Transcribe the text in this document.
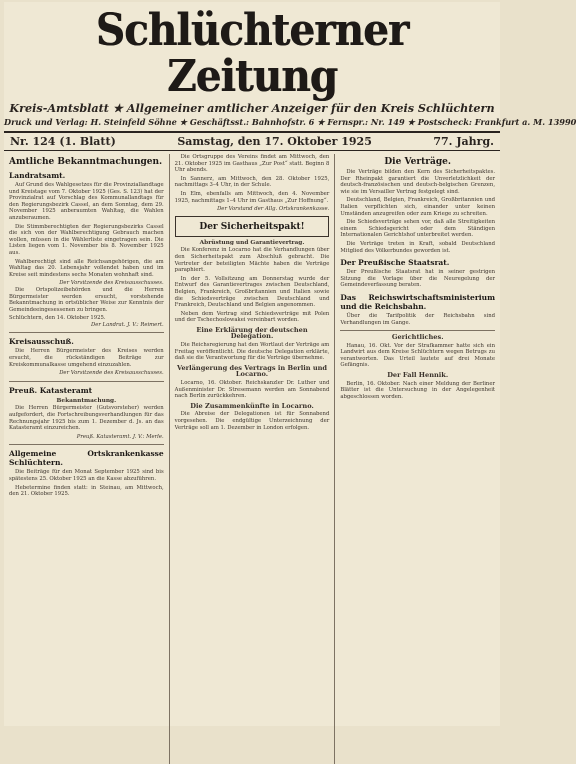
Schlüchterner Zeitung
Kreis-Amtsblatt ★ Allgemeiner amtlicher Anzeiger für den Kreis Schlüchtern
Druck und Verlag: H. Steinfeld Söhne ★ Geschäftsst.: Bahnhofstr. 6 ★ Fernspr.: Nr. 149 ★ Postscheck: Frankfurt a. M. 13990
Nr. 124 (1. Blatt)	Samstag, den 17. Oktober 1925	77. Jahrg.
Amtliche Bekanntmachungen.
Landratsamt.

Auf Grund des Wahlgesetzes für die Provinziallandtage und Kreistage vom 7. Oktober 1925 (Ges. S. 123) hat der Provinzialrat auf Vorschlag des Kommunallandtags für den Regierungsbezirk Cassel, an dem Sonntag, dem 29. November 1925 anberaumten Wahltag, die Wahlen anzuberaumen.

Die Stimmberechtigten der Regierungsbezirks Cassel die sich von der Wahlberechtigung Gebrauch machen wollen, müssen in die Wählerliste eingetragen sein. Die Listen liegen vom 1. November bis 8. November 1925 aus.

Wahlberechtigt sind alle Reichsangehörigen, die am Wahltag das 20. Lebensjahr vollendet haben und im Kreise seit mindestens sechs Monaten wohnhaft sind.

Der Vorsitzende des Kreisausschusses.

Die Ortspolizeibehörden und die Herren Bürgermeister werden ersucht, vorstehende Bekanntmachung in ortsüblicher Weise zur Kenntnis der Gemeindeeingesessenen zu bringen.

Schlüchtern, den 14. Oktober 1925.
Der Landrat. J. V.: Reimert.
Kreisausschuß.

Die Herren Bürgermeister des Kreises werden ersucht, die rückständigen Beiträge zur Kreiskommunalkasse umgehend einzuzahlen.

Der Vorsitzende des Kreisausschusses.
Preuß. Katasteramt
Bekanntmachung.

Die Herren Bürgermeister (Gutsvorsteher) werden aufgefordert, die Fortschreibungsverhandlungen für das Rechnungsjahr 1925 bis zum 1. Dezember d. Js. an das Katasteramt einzureichen.

Preuß. Katasteramt. J. V.: Merle.
Allgemeine Ortskrankenkasse Schlüchtern.

Die Beiträge für den Monat September 1925 sind bis spätestens 25. Oktober 1925 an die Kasse abzuführen.

Hebetermine finden statt: in Steinau, am Mittwoch, den 21. Oktober 1925.

Die Ortsgruppe des Vereins findet am Mittwoch, den 21. Oktober 1925 im Gasthaus „Zur Post“ statt. Beginn 8 Uhr abends.

In Sannerz, am Mittwoch, den 28. Oktober 1925, nachmittags 3–4 Uhr, in der Schule.

In Elm, ebenfalls am Mittwoch, den 4. November 1925, nachmittags 1–4 Uhr im Gasthaus „Zur Hoffnung“.

Der Vorstand der Allg. Ortskrankenkasse.
Der Sicherheitspakt!
Abrüstung und Garantievertrag.

Die Konferenz in Locarno hat die Verhandlungen über den Sicherheitspakt zum Abschluß gebracht. Die Vertreter der beteiligten Mächte haben die Verträge paraphiert.

In der 5. Vollsitzung am Donnerstag wurde der Entwurf des Garantievertrages zwischen Deutschland, Belgien, Frankreich, Großbritannien und Italien sowie die Schiedsverträge zwischen Deutschland und Frankreich, Deutschland und Belgien angenommen.

Neben dem Vertrag sind Schiedsverträge mit Polen und der Tschechoslowakei vereinbart worden.

Eine Erklärung der deutschen Delegation.

Die Reichsregierung hat den Wortlaut der Verträge am Freitag veröffentlicht. Die deutsche Delegation erklärte, daß sie die Verantwortung für die Verträge übernehme.

Verlängerung des Vertrags in Berlin und Locarno.

Locarno, 16. Oktober. Reichskanzler Dr. Luther und Außenminister Dr. Stresemann werden am Sonnabend nach Berlin zurückkehren.

Die Zusammenkünfte in Locarno.

Die Abreise der Delegationen ist für Sonnabend vorgesehen. Die endgültige Unterzeichnung der Verträge soll am 1. Dezember in London erfolgen.

Die Verträge.

Die Verträge bilden den Kern des Sicherheitspaktes. Der Rheinpakt garantiert die Unverletzlichkeit der deutsch-französischen und deutsch-belgischen Grenzen, wie sie im Versailler Vertrag festgelegt sind.

Deutschland, Belgien, Frankreich, Großbritannien und Italien verpflichten sich, einander unter keinen Umständen anzugreifen oder zum Kriege zu schreiten.

Die Schiedsverträge sehen vor, daß alle Streitigkeiten einem Schiedsgericht oder dem Ständigen Internationalen Gerichtshof unterbreitet werden.

Die Verträge treten in Kraft, sobald Deutschland Mitglied des Völkerbundes geworden ist.

Der Preußische Staatsrat.

Der Preußische Staatsrat hat in seiner gestrigen Sitzung die Vorlage über die Neuregelung der Gemeindeverfassung beraten.

Das Reichswirtschaftsministerium und die Reichsbahn.

Über die Tarifpolitik der Reichsbahn sind Verhandlungen im Gange.

Gerichtliches.

Hanau, 16. Okt. Vor der Strafkammer hatte sich ein Landwirt aus dem Kreise Schlüchtern wegen Betrugs zu verantworten. Das Urteil lautete auf drei Monate Gefängnis.

Der Fall Hennik.

Berlin, 16. Oktober. Nach einer Meldung der Berliner Blätter ist die Untersuchung in der Angelegenheit abgeschlossen worden.
